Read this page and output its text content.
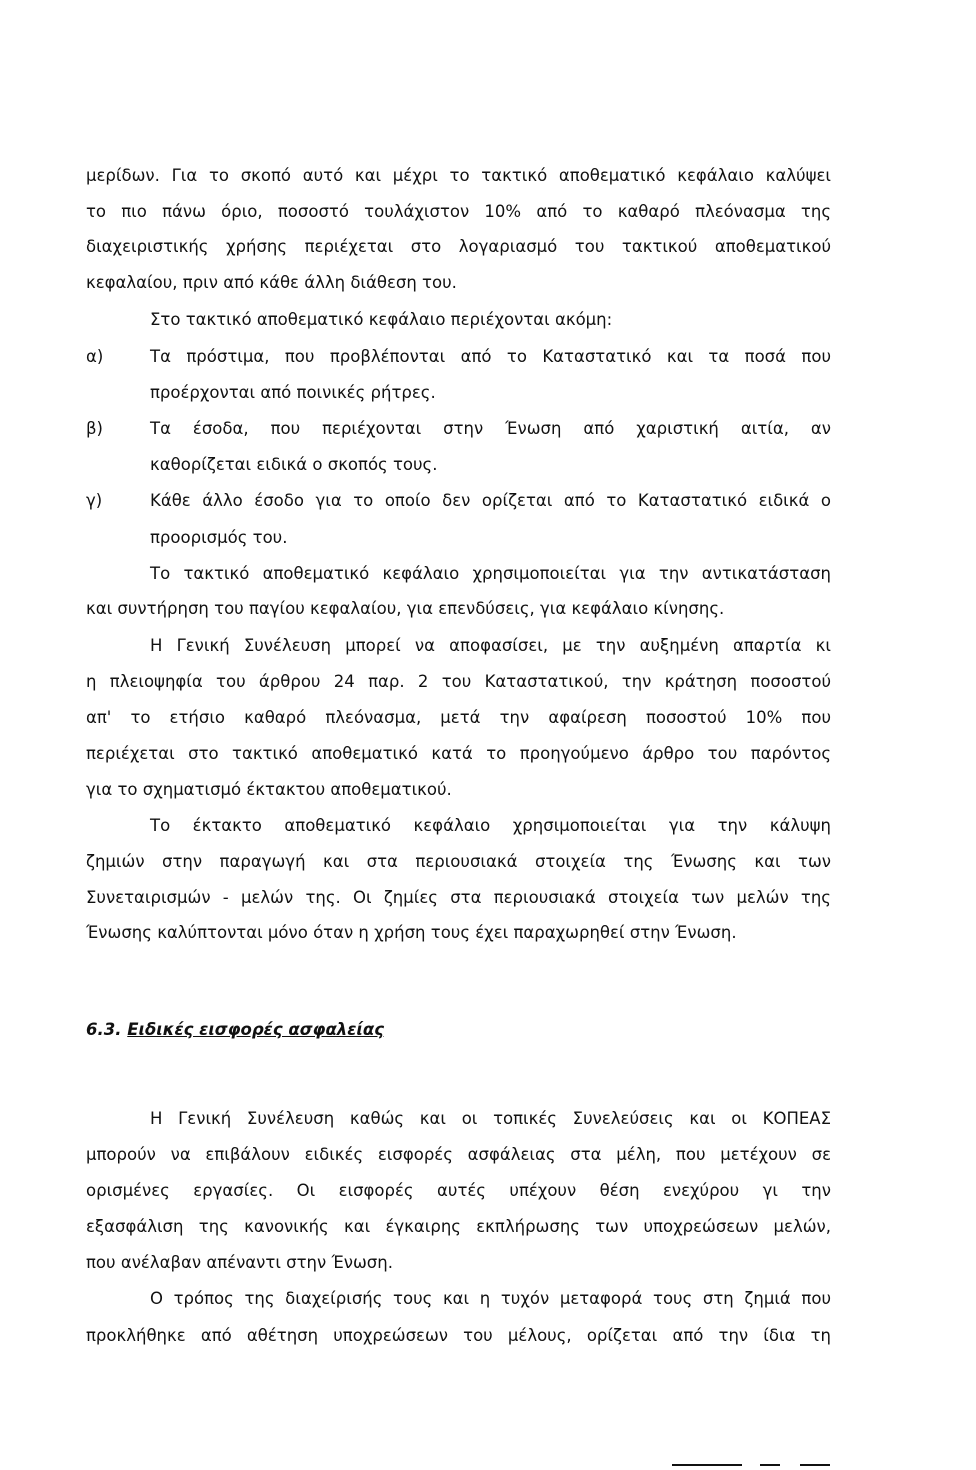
μερίδων. Για το σκοπό αυτό και μέχρι το τακτικό αποθεματικό κεφάλαιο καλύψει
το πιο πάνω όριο, ποσοστό τουλάχιστον 10% από το καθαρό πλεόνασμα της
διαχειριστικής χρήσης περιέχεται στο λογαριασμό του τακτικού αποθεματικού
κεφαλαίου, πριν από κάθε άλλη διάθεση του.
Στο τακτικό αποθεματικό κεφάλαιο περιέχονται ακόμη:
α)	Τα πρόστιμα, που προβλέπονται από το Καταστατικό και τα ποσά που
προέρχονται από ποινικές ρήτρες.
β)	Τα έσοδα, που περιέχονται στην Ένωση από χαριστική αιτία, αν
καθορίζεται ειδικά ο σκοπός τους.
γ)	Κάθε άλλο έσοδο για το οποίο δεν ορίζεται από το Καταστατικό ειδικά ο
προορισμός του.
Το τακτικό αποθεματικό κεφάλαιο χρησιμοποιείται για την αντικατάσταση
και συντήρηση του παγίου κεφαλαίου, για επενδύσεις, για κεφάλαιο κίνησης.
Η Γενική Συνέλευση μπορεί να αποφασίσει, με την αυξημένη απαρτία κι
η πλειοψηφία του άρθρου 24 παρ. 2 του Καταστατικού, την κράτηση ποσοστού
απ' το ετήσιο καθαρό πλεόνασμα, μετά την αφαίρεση ποσοστού 10% που
περιέχεται στο τακτικό αποθεματικό κατά το προηγούμενο άρθρο του παρόντος
για το σχηματισμό έκτακτου αποθεματικού.
Το έκτακτο αποθεματικό κεφάλαιο χρησιμοποιείται για την κάλυψη
ζημιών στην παραγωγή και στα περιουσιακά στοιχεία της Ένωσης και των
Συνεταιρισμών - μελών της. Οι ζημίες στα περιουσιακά στοιχεία των μελών της
Ένωσης καλύπτονται μόνο όταν η χρήση τους έχει παραχωρηθεί στην Ένωση.
6.3. Ειδικές εισφορές ασφαλείας
Η Γενική Συνέλευση καθώς και οι τοπικές Συνελεύσεις και οι ΚΟΠΕΑΣ
μπορούν να επιβάλουν ειδικές εισφορές ασφάλειας στα μέλη, που μετέχουν σε
ορισμένες εργασίες. Οι εισφορές αυτές υπέχουν θέση ενεχύρου γι την
εξασφάλιση της κανονικής και έγκαιρης εκπλήρωσης των υποχρεώσεων μελών,
που ανέλαβαν απέναντι στην Ένωση.
Ο τρόπος της διαχείρισής τους και η τυχόν μεταφορά τους στη ζημιά που
προκλήθηκε από αθέτηση υποχρεώσεων του μέλους, ορίζεται από την ίδια τη
